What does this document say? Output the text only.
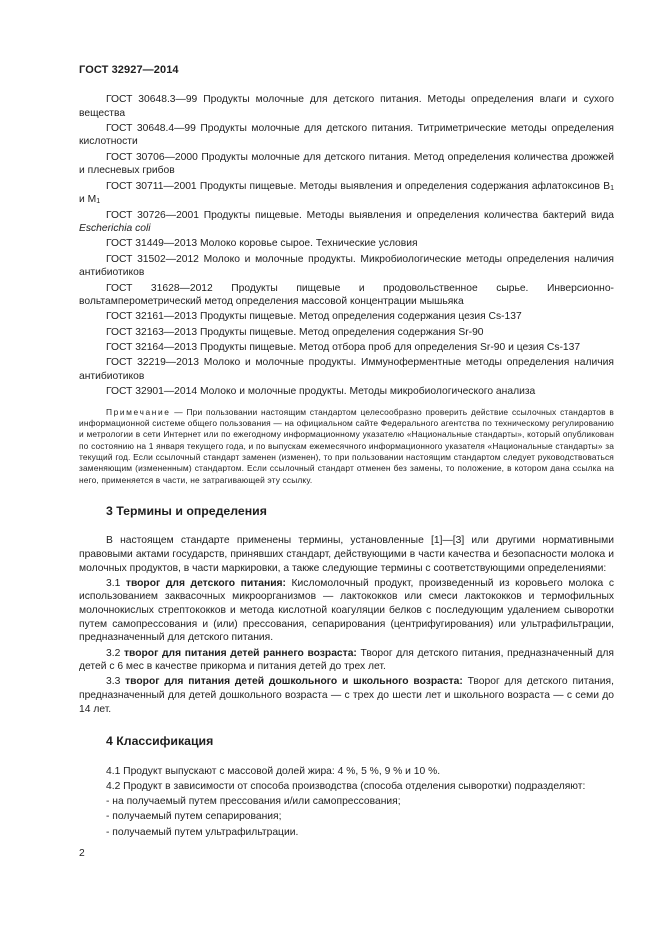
ГОСТ 32927—2014

ГОСТ 30648.3—99 Продукты молочные для детского питания. Методы определения влаги и сухого вещества

ГОСТ 30648.4—99 Продукты молочные для детского питания. Титриметрические методы определения кислотности

ГОСТ 30706—2000 Продукты молочные для детского питания. Метод определения количества дрожжей и плесневых грибов

ГОСТ 30711—2001 Продукты пищевые. Методы выявления и определения содержания афлатоксинов $B_1$ и $M_1$

ГОСТ 30726—2001 Продукты пищевые. Методы выявления и определения количества бактерий вида Escherichia coli

ГОСТ 31449—2013 Молоко коровье сырое. Технические условия

ГОСТ 31502—2012 Молоко и молочные продукты. Микробиологические методы определения наличия антибиотиков

ГОСТ 31628—2012 Продукты пищевые и продовольственное сырье. Инверсионно-вольтамперометрический метод определения массовой концентрации мышьяка

ГОСТ 32161—2013 Продукты пищевые. Метод определения содержания цезия Cs-137

ГОСТ 32163—2013 Продукты пищевые. Метод определения содержания Sr-90

ГОСТ 32164—2013 Продукты пищевые. Метод отбора проб для определения Sr-90 и цезия Cs-137

ГОСТ 32219—2013 Молоко и молочные продукты. Иммуноферментные методы определения наличия антибиотиков

ГОСТ 32901—2014 Молоко и молочные продукты. Методы микробиологического анализа

Примечание — При пользовании настоящим стандартом целесообразно проверить действие ссылочных стандартов в информационной системе общего пользования — на официальном сайте Федерального агентства по техническому регулированию и метрологии в сети Интернет или по ежегодному информационному указателю «Национальные стандарты», который опубликован по состоянию на 1 января текущего года, и по выпускам ежемесячного информационного указателя «Национальные стандарты» за текущий год. Если ссылочный стандарт заменен (изменен), то при пользовании настоящим стандартом следует руководствоваться заменяющим (измененным) стандартом. Если ссылочный стандарт отменен без замены, то положение, в котором дана ссылка на него, применяется в части, не затрагивающей эту ссылку.

3 Термины и определения

В настоящем стандарте применены термины, установленные [1]—[3] или другими нормативными правовыми актами государств, принявших стандарт, действующими в части качества и безопасности молока и молочных продуктов, в части маркировки, а также следующие термины с соответствующими определениями:

3.1 творог для детского питания: Кисломолочный продукт, произведенный из коровьего молока с использованием заквасочных микроорганизмов — лактококков или смеси лактококков и термофильных молочнокислых стрептококков и метода кислотной коагуляции белков с последующим удалением сыворотки путем самопрессования и (или) прессования, сепарирования (центрифугирования) или ультрафильтрации, предназначенный для детского питания.

3.2 творог для питания детей раннего возраста: Творог для детского питания, предназначенный для детей с 6 мес в качестве прикорма и питания детей до трех лет.

3.3 творог для питания детей дошкольного и школьного возраста: Творог для детского питания, предназначенный для детей дошкольного возраста — с трех до шести лет и школьного возраста — с семи до 14 лет.

4 Классификация

4.1 Продукт выпускают с массовой долей жира: 4 %, 5 %, 9 % и 10 %.

4.2 Продукт в зависимости от способа производства (способа отделения сыворотки) подразделяют:

- на получаемый путем прессования и/или самопрессования;

- получаемый путем сепарирования;

- получаемый путем ультрафильтрации.

2
